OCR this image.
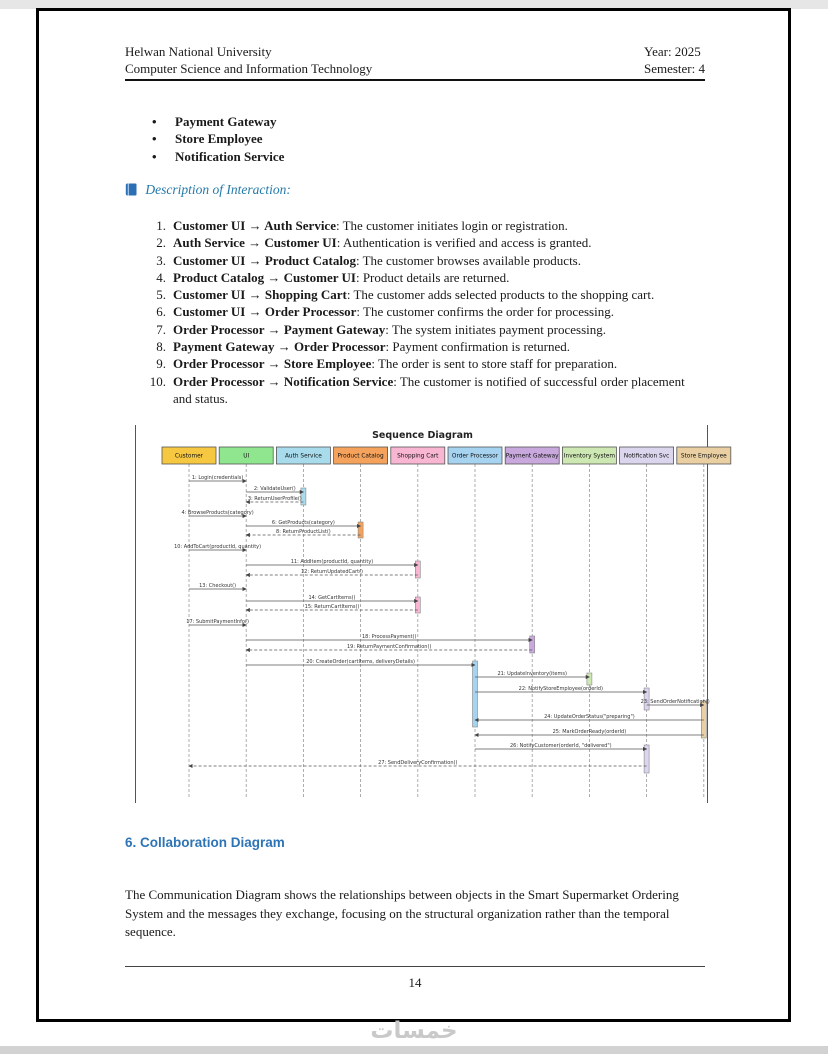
Helwan National University
Computer Science and Information Technology
Year: 2025
Semester: 4
• Payment Gateway
• Store Employee
• Notification Service
Description of Interaction:
1. Customer UI → Auth Service: The customer initiates login or registration.
2. Auth Service → Customer UI: Authentication is verified and access is granted.
3. Customer UI → Product Catalog: The customer browses available products.
4. Product Catalog → Customer UI: Product details are returned.
5. Customer UI → Shopping Cart: The customer adds selected products to the shopping cart.
6. Customer UI → Order Processor: The customer confirms the order for processing.
7. Order Processor → Payment Gateway: The system initiates payment processing.
8. Payment Gateway → Order Processor: Payment confirmation is returned.
9. Order Processor → Store Employee: The order is sent to store staff for preparation.
10. Order Processor → Notification Service: The customer is notified of successful order placement and status.
Sequence Diagram
1: Login(credentials)
2: ValidateUser()
3: ReturnUserProfile()
4: BrowseProducts(category)
6: GetProducts(category)
8: ReturnProductList()
10: AddToCart(productId, quantity)
11: AddItem(productId, quantity)
12: ReturnUpdatedCart()
13: Checkout()
14: GetCartItems()
15: ReturnCartItems()
17: SubmitPaymentInfo()
18: ProcessPayment()
19: ReturnPaymentConfirmation()
20: CreateOrder(cartItems, deliveryDetails)
21: UpdateInventory(items)
22: NotifyStoreEmployee(orderId)
23: SendOrderNotification()
24: UpdateOrderStatus("preparing")
25: MarkOrderReady(orderId)
26: NotifyCustomer(orderId, "delivered")
27: SendDeliveryConfirmation()
Customer	UI	Auth Service	Product Catalog Shopping Cart Order Processor Payment Gateway Inventory System Notification Svc Store Employee
6. Collaboration Diagram
The Communication Diagram shows the relationships between objects in the Smart Supermarket Ordering System and the messages they exchange, focusing on the structural organization rather than the temporal sequence.
14
خمسات
